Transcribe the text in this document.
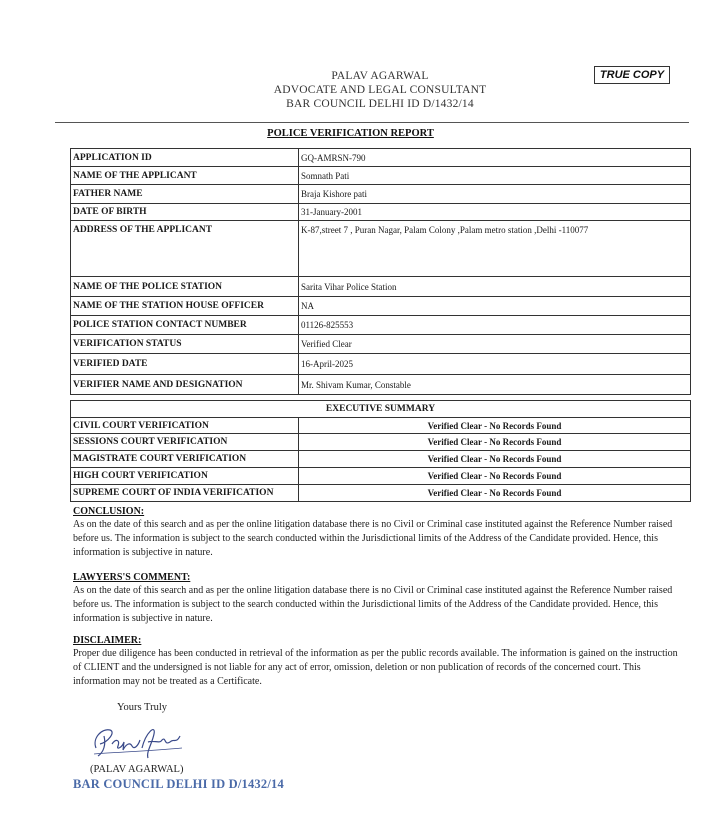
PALAV AGARWAL
ADVOCATE AND LEGAL CONSULTANT
BAR COUNCIL DELHI ID D/1432/14
TRUE COPY
POLICE VERIFICATION REPORT
APPLICATION ID	GQ-AMRSN-790
NAME OF THE APPLICANT	Somnath Pati
FATHER NAME	Braja Kishore pati
DATE OF BIRTH	31-January-2001
ADDRESS OF THE APPLICANT	K-87,street 7 , Puran Nagar, Palam Colony ,Palam metro station ,Delhi -110077
NAME OF THE POLICE STATION	Sarita Vihar Police Station
NAME OF THE STATION HOUSE OFFICER	NA
POLICE STATION CONTACT NUMBER	01126-825553
VERIFICATION STATUS	Verified Clear
VERIFIED DATE	16-April-2025
VERIFIER NAME AND DESIGNATION	Mr. Shivam Kumar, Constable
EXECUTIVE SUMMARY	
CIVIL COURT VERIFICATION	Verified Clear - No Records Found
SESSIONS COURT VERIFICATION	Verified Clear - No Records Found
MAGISTRATE COURT VERIFICATION	Verified Clear - No Records Found
HIGH COURT VERIFICATION	Verified Clear - No Records Found
SUPREME COURT OF INDIA VERIFICATION	Verified Clear - No Records Found
CONCLUSION:
As on the date of this search and as per the online litigation database there is no Civil or Criminal case instituted against the Reference Number raised before us. The information is subject to the search conducted within the Jurisdictional limits of the Address of the Candidate provided. Hence, this information is subjective in nature.
LAWYERS'S COMMENT:
As on the date of this search and as per the online litigation database there is no Civil or Criminal case instituted against the Reference Number raised before us. The information is subject to the search conducted within the Jurisdictional limits of the Address of the Candidate provided. Hence, this information is subjective in nature.
DISCLAIMER:
Proper due diligence has been conducted in retrieval of the information as per the public records available. The information is gained on the instruction of CLIENT and the undersigned is not liable for any act of error, omission, deletion or non publication of records of the concerned court. This information may not be treated as a Certificate.
Yours Truly
(PALAV AGARWAL)
BAR COUNCIL DELHI ID D/1432/14
